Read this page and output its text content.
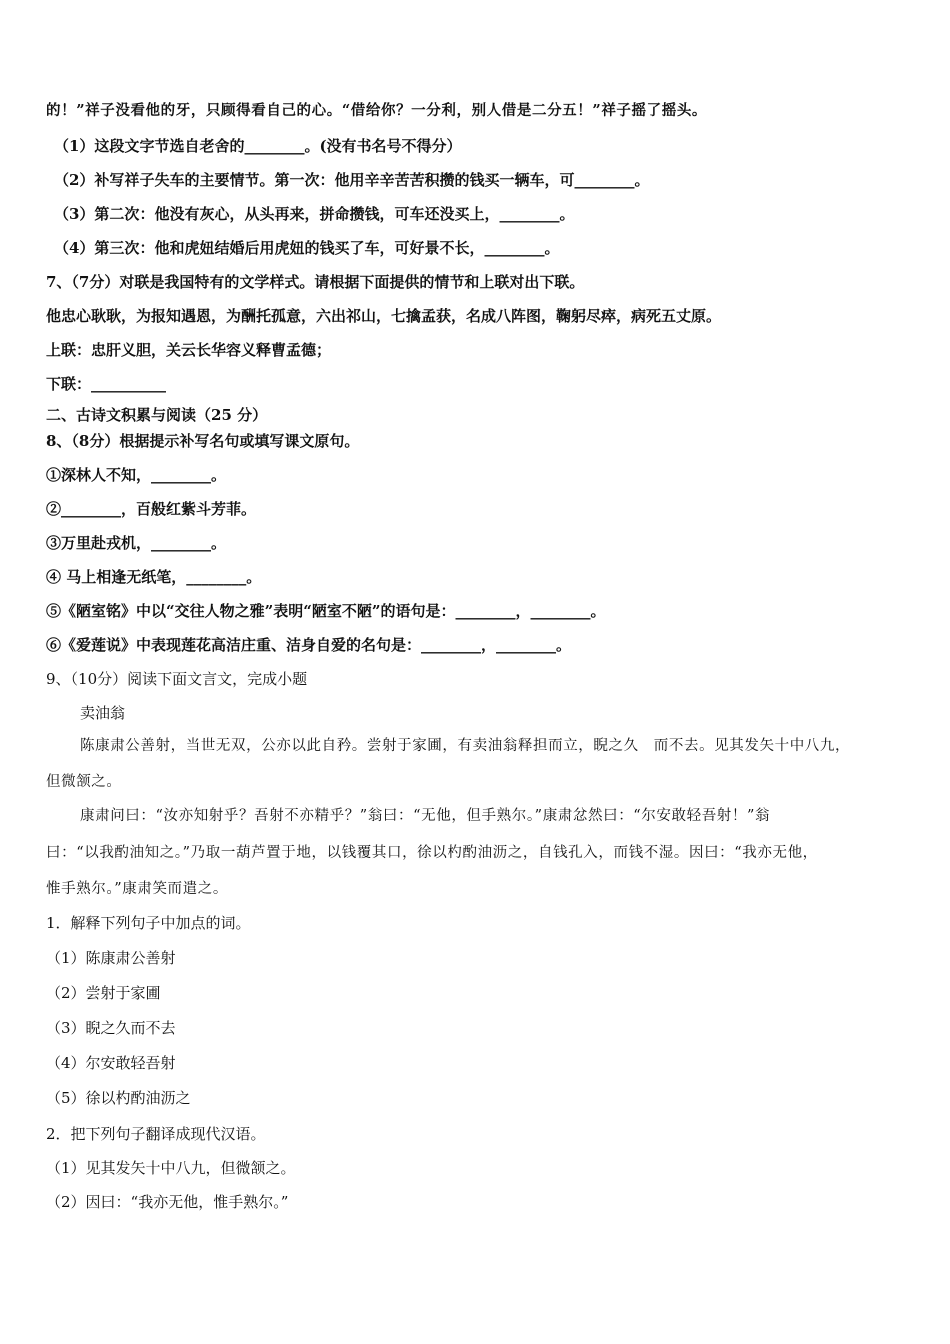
的！”祥子没看他的牙，只顾得看自己的心。“借给你？一分利，别人借是二分五！”祥子摇了摇头。
（1）这段文字节选自老舍的________。(没有书名号不得分）
（2）补写祥子失车的主要情节。第一次：他用辛辛苦苦积攒的钱买一辆车，可________。
（3）第二次：他没有灰心，从头再来，拼命攒钱，可车还没买上，________。
（4）第三次：他和虎妞结婚后用虎妞的钱买了车，可好景不长，________。
7、（7分）对联是我国特有的文学样式。请根据下面提供的情节和上联对出下联。
他忠心耿耿，为报知遇恩，为酬托孤意，六出祁山，七擒孟获，名成八阵图，鞠躬尽瘁，病死五丈原。
上联：忠肝义胆，关云长华容义释曹孟德；
下联：__________
二、古诗文积累与阅读（25 分）
8、（8分）根据提示补写名句或填写课文原句。
①深林人不知，________。
②________，百般红紫斗芳菲。
③万里赴戎机，________。
④ 马上相逢无纸笔，________。
⑤《陋室铭》中以“交往人物之雅”表明“陋室不陋”的语句是：________，________。
⑥《爱莲说》中表现莲花高洁庄重、洁身自爱的名句是：________，________。
9、（10分）阅读下面文言文，完成小题
卖油翁
陈康肃公善射，当世无双，公亦以此自矜。尝射于家圃，有卖油翁释担而立，睨之久　而不去。见其发矢十中八九，
但微颔之。
康肃问曰：“汝亦知射乎？吾射不亦精乎？”翁曰：“无他，但手熟尔。”康肃忿然曰：“尔安敢轻吾射！”翁
曰：“以我酌油知之。”乃取一葫芦置于地，以钱覆其口，徐以杓酌油沥之，自钱孔入，而钱不湿。因曰：“我亦无他，
惟手熟尔。”康肃笑而遣之。
1．解释下列句子中加点的词。
（1）陈康肃公善射
（2）尝射于家圃
（3）睨之久而不去
（4）尔安敢轻吾射
（5）徐以杓酌油沥之
2．把下列句子翻译成现代汉语。
（1）见其发矢十中八九，但微颔之。
（2）因曰：“我亦无他，惟手熟尔。”
